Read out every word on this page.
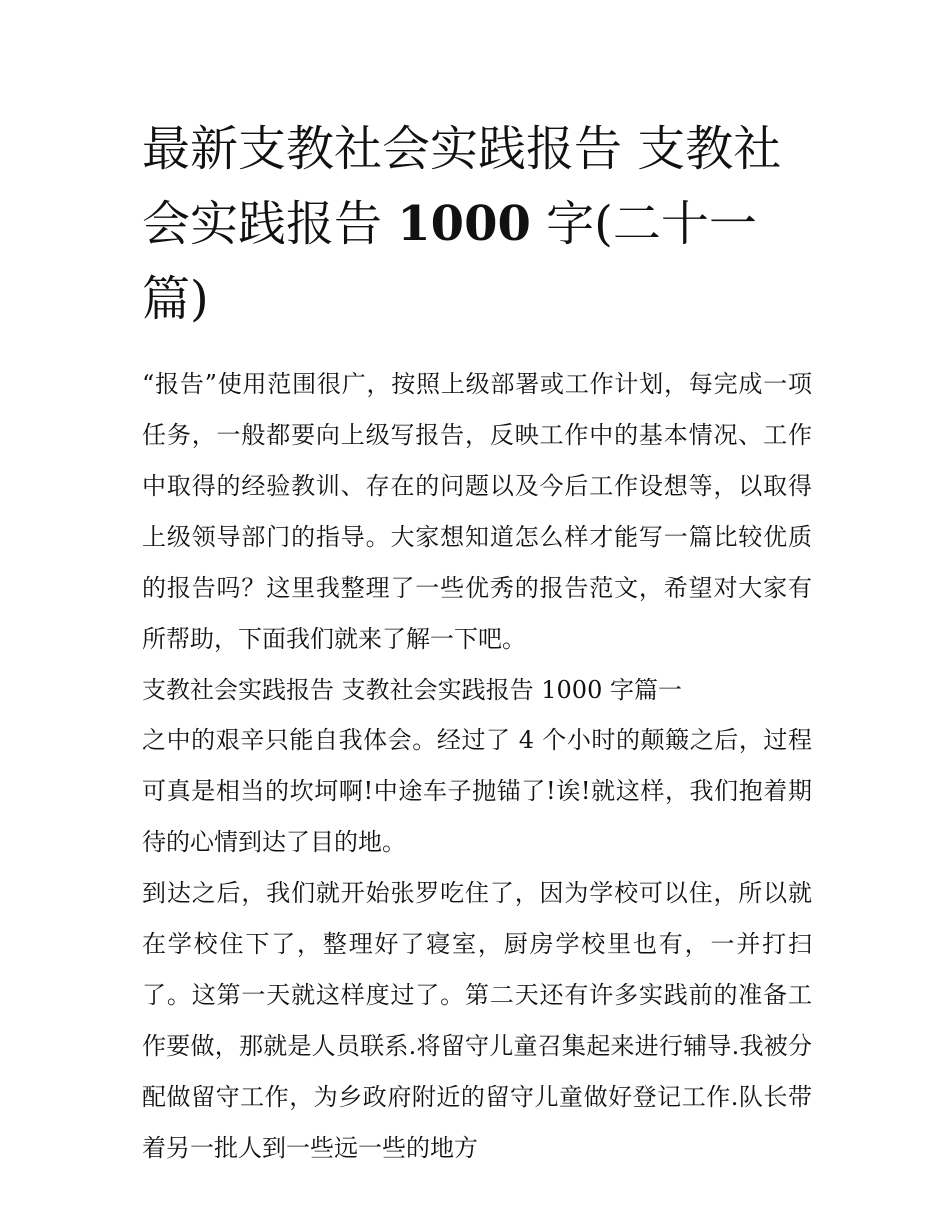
最新支教社会实践报告 支教社会实践报告 1000 字(二十一篇)

“报告”使用范围很广，按照上级部署或工作计划，每完成一项任务，一般都要向上级写报告，反映工作中的基本情况、工作中取得的经验教训、存在的问题以及今后工作设想等，以取得上级领导部门的指导。大家想知道怎么样才能写一篇比较优质的报告吗？这里我整理了一些优秀的报告范文，希望对大家有所帮助，下面我们就来了解一下吧。

支教社会实践报告 支教社会实践报告 1000 字篇一

之中的艰辛只能自我体会。经过了 4 个小时的颠簸之后，过程可真是相当的坎坷啊!中途车子抛锚了!诶!就这样，我们抱着期待的心情到达了目的地。

到达之后，我们就开始张罗吃住了，因为学校可以住，所以就在学校住下了，整理好了寝室，厨房学校里也有，一并打扫了。这第一天就这样度过了。第二天还有许多实践前的准备工作要做，那就是人员联系.将留守儿童召集起来进行辅导.我被分配做留守工作，为乡政府附近的留守儿童做好登记工作.队长带着另一批人到一些远一些的地方
